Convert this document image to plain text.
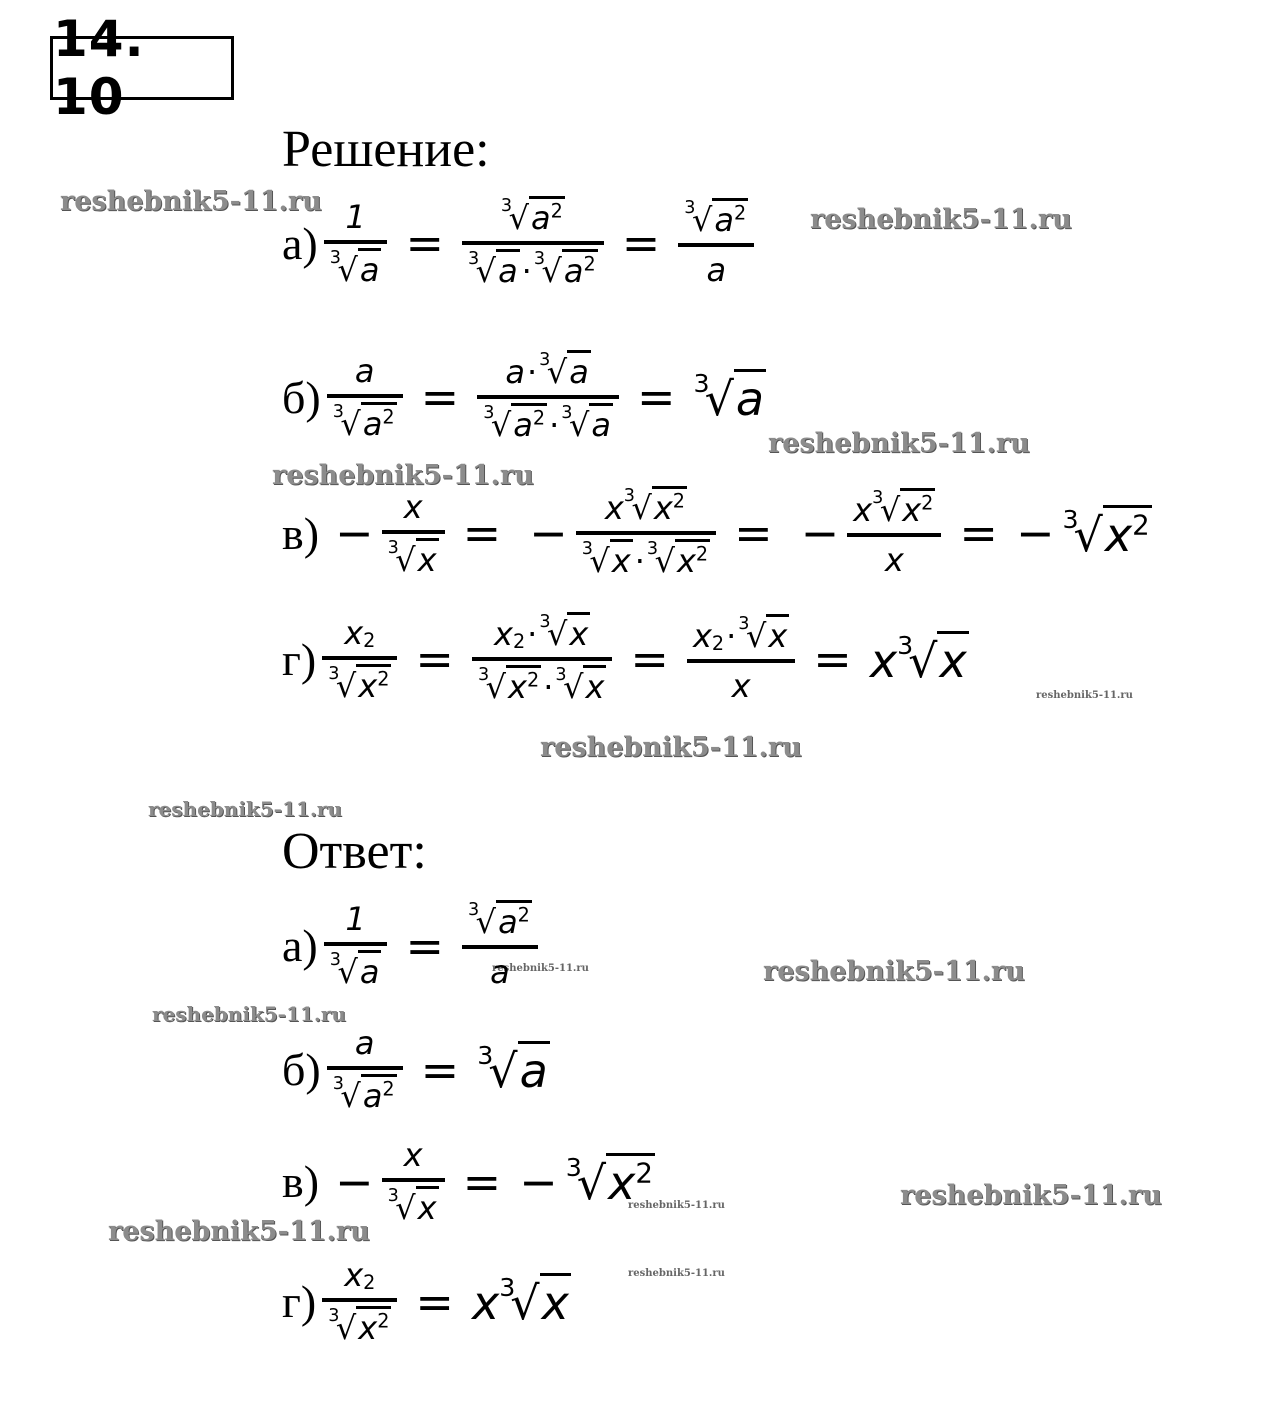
14. 10
Решение:
reshebnik5-11.ru
reshebnik5-11.ru
reshebnik5-11.ru
reshebnik5-11.ru
reshebnik5-11.ru
reshebnik5-11.ru
reshebnik5-11.ru
reshebnik5-11.ru
reshebnik5-11.ru
reshebnik5-11.ru
reshebnik5-11.ru
reshebnik5-11.ru
reshebnik5-11.ru
reshebnik5-11.ru
а) 1
3
√ a = 3
√ $a^2$
3
√ a · 3
√ $a^2 = 3$
√ $a^2$
a
б) a
3
√ $a^2 = a \cdot 3$
√ a
3
√ $a^2 \cdot 3$
√ a = 3
√ a
в) − x
3
√ x = − x 3
√ $x^2$
3
√ x · 3
√ $x^2$ = − x 3
√ $x^2$
x = − 3
√ $x^2$
г) x 2
3
√ $x^2 = x$ 2 · 3
√ x
3
√ $x^2 \cdot 3$
√ x = x 2 · 3
√ x
x = x 3
√ x
Ответ:
а) 1
3
√ a = 3
√ $a^2$
a
б) a
3
√ $a^2 = 3$
√ a
в) − x
3
√ x = − 3
√ $x^2$
г) x 2
3
√ $x^2 = x$ 3
√ x
